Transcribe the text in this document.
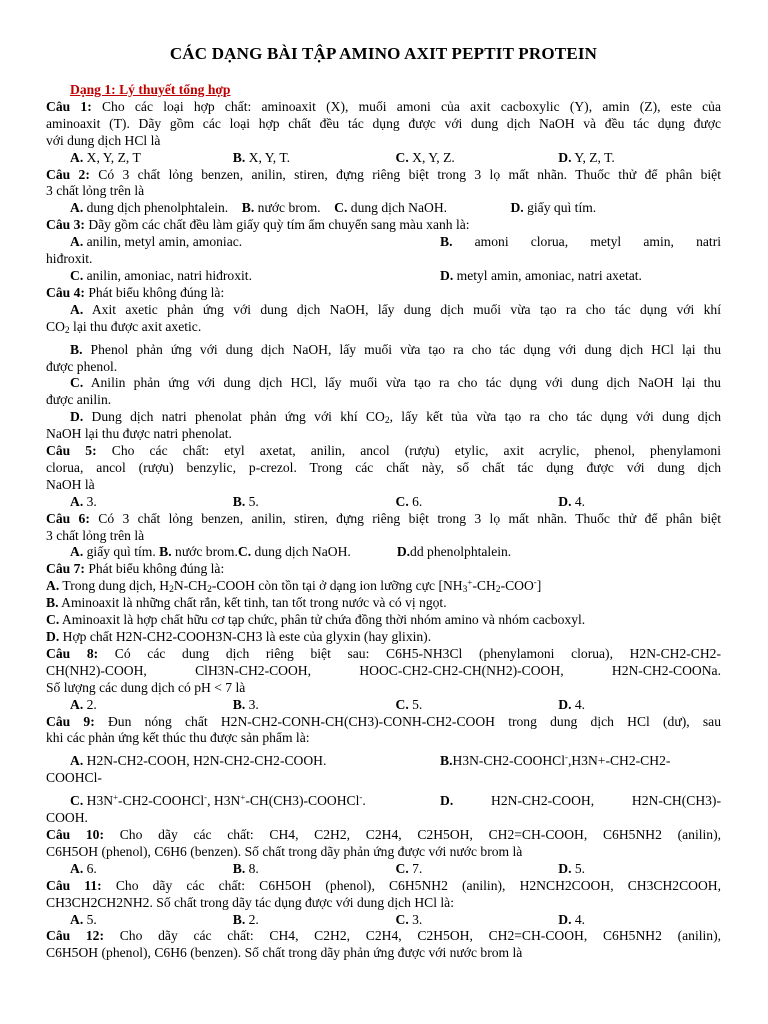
CÁC DẠNG BÀI TẬP AMINO AXIT PEPTIT PROTEIN
Dạng 1: Lý thuyết tổng hợp
Câu 1: Cho các loại hợp chất: aminoaxit (X), muối amoni của axit cacboxylic (Y), amin (Z), este của
aminoaxit (T). Dãy gồm các loại hợp chất đều tác dụng được với dung dịch NaOH và đều tác dụng được
với dung dịch HCl là
A. X, Y, Z, T	B. X, Y, T.	C. X, Y, Z.	D. Y, Z, T.
Câu 2: Có 3 chất lỏng benzen, anilin, stiren, đựng riêng biệt trong 3 lọ mất nhãn. Thuốc thử để phân biệt
3 chất lỏng trên là
A. dung dịch phenolphtalein. B. nước brom. C. dung dịch NaOH.	D. giấy quì tím.
Câu 3: Dãy gồm các chất đều làm giấy quỳ tím ẩm chuyển sang màu xanh là:
A. anilin, metyl amin, amoniac.	B. amoni clorua, metyl amin, natri
hiđroxit.
C. anilin, amoniac, natri hiđroxit.	D. metyl amin, amoniac, natri axetat.
Câu 4: Phát biểu không đúng là:
A. Axit axetic phản ứng với dung dịch NaOH, lấy dung dịch muối vừa tạo ra cho tác dụng với khí
$CO_2$ lại thu được axit axetic.
B. Phenol phản ứng với dung dịch NaOH, lấy muối vừa tạo ra cho tác dụng với dung dịch HCl lại thu
được phenol.
C. Anilin phản ứng với dung dịch HCl, lấy muối vừa tạo ra cho tác dụng với dung dịch NaOH lại thu
được anilin.
D. Dung dịch natri phenolat phản ứng với khí $CO_2$, lấy kết tủa vừa tạo ra cho tác dụng với dung dịch
NaOH lại thu được natri phenolat.
Câu 5: Cho các chất: etyl axetat, anilin, ancol (rượu) etylic, axit acrylic, phenol, phenylamoni
clorua, ancol (rượu) benzylic, p-crezol. Trong các chất này, số chất tác dụng được với dung dịch
NaOH là
A. 3.	B. 5.	C. 6.	D. 4.
Câu 6: Có 3 chất lỏng benzen, anilin, stiren, đựng riêng biệt trong 3 lọ mất nhãn. Thuốc thử để phân biệt
3 chất lỏng trên là
A. giấy quì tím. B. nước brom.C. dung dịch NaOH.	D.dd phenolphtalein.
Câu 7: Phát biểu không đúng là:
A. Trong dung dịch, $H_2N-CH_2$-COOH còn tồn tại ở dạng ion lưỡng cực $[NH_3^+-CH_2-COO^-]$
B. Aminoaxit là những chất rắn, kết tinh, tan tốt trong nước và có vị ngọt.
C. Aminoaxit là hợp chất hữu cơ tạp chức, phân tử chứa đồng thời nhóm amino và nhóm cacboxyl.
D. Hợp chất H2N-CH2-COOH3N-CH3 là este của glyxin (hay glixin).
Câu 8: Có các dung dịch riêng biệt sau: C6H5-NH3Cl (phenylamoni clorua), H2N-CH2-CH2-
CH(NH2)-COOH, ClH3N-CH2-COOH, HOOC-CH2-CH2-CH(NH2)-COOH, H2N-CH2-COONa.
Số lượng các dung dịch có pH < 7 là
A. 2.	B. 3.	C. 5.	D. 4.
Câu 9: Đun nóng chất H2N-CH2-CONH-CH(CH3)-CONH-CH2-COOH trong dung dịch HCl (dư), sau
khi các phản ứng kết thúc thu được sản phẩm là:
A. H2N-CH2-COOH, H2N-CH2-CH2-COOH.	B.H3N-CH2-COOHCl-,H3N+-CH2-CH2-
COOHCl-
C. H3N+-CH2-COOHCl-, H3N+-CH(CH3)-COOHCl-.	D.	H2N-CH2-COOH, H2N-CH(CH3)-
COOH.
Câu 10: Cho dãy các chất: CH4, C2H2, C2H4, C2H5OH, CH2=CH-COOH, C6H5NH2 (anilin),
C6H5OH (phenol), C6H6 (benzen). Số chất trong dãy phản ứng được với nước brom là
A. 6.	B. 8.	C. 7.	D. 5.
Câu 11: Cho dãy các chất: C6H5OH (phenol), C6H5NH2 (anilin), H2NCH2COOH, CH3CH2COOH,
CH3CH2CH2NH2. Số chất trong dãy tác dụng được với dung dịch HCl là:
A. 5.	B. 2.	C. 3.	D. 4.
Câu 12: Cho dãy các chất: CH4, C2H2, C2H4, C2H5OH, CH2=CH-COOH, C6H5NH2 (anilin),
C6H5OH (phenol), C6H6 (benzen). Số chất trong dãy phản ứng được với nước brom là
